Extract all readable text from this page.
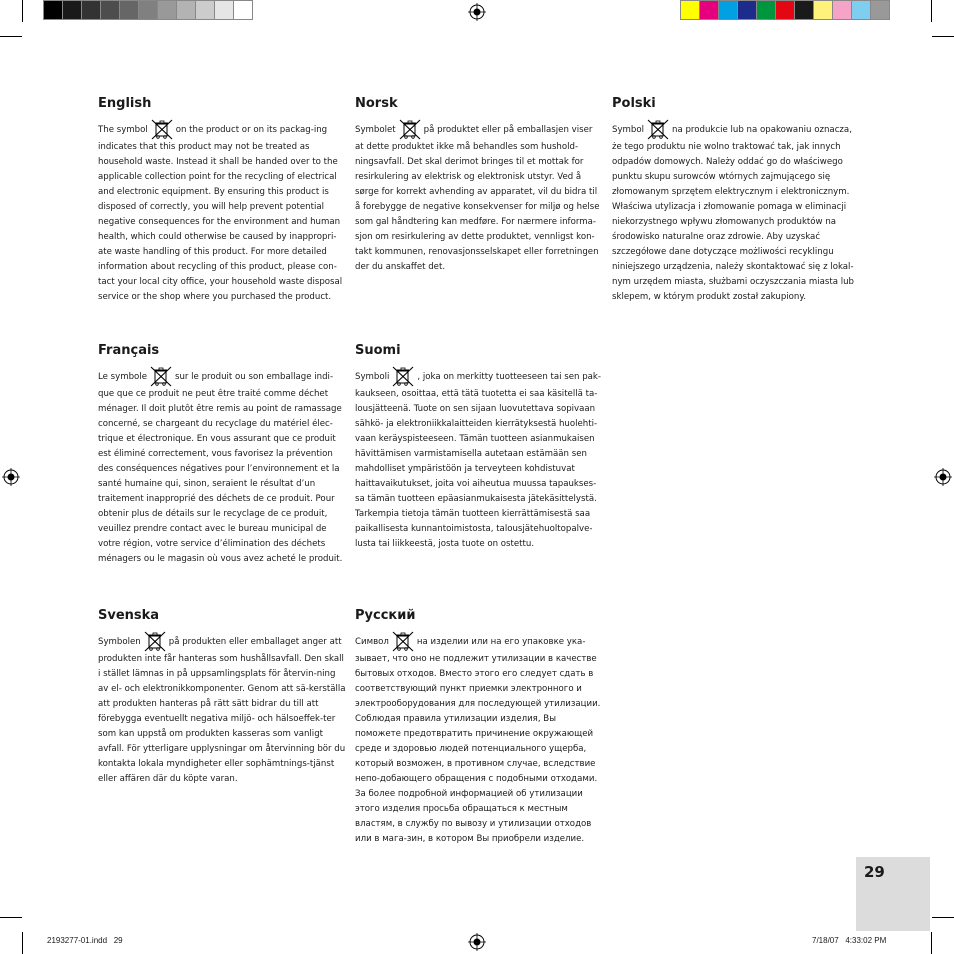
English

The symbol	on the product or on its packag-ing indicates that this product may not be treated as household waste. Instead it shall be handed over to the applicable collection point for the recycling of electrical and electronic equipment. By ensuring this product is disposed of correctly, you will help prevent potential negative consequences for the environment and human health, which could otherwise be caused by inappropri-ate waste handling of this product. For more detailed information about recycling of this product, please con-tact your local city office, your household waste disposal service or the shop where you purchased the product.

Norsk

Symbolet	på produktet eller på emballasjen viser at dette produktet ikke må behandles som hushold-ningsavfall. Det skal derimot bringes til et mottak for resirkulering av elektrisk og elektronisk utstyr. Ved å sørge for korrekt avhending av apparatet, vil du bidra til å forebygge de negative konsekvenser for miljø og helse som gal håndtering kan medføre. For nærmere informa-sjon om resirkulering av dette produktet, vennligst kon-takt kommunen, renovasjonsselskapet eller forretningen der du anskaffet det.

Polski

Symbol	na produkcie lub na opakowaniu oznacza, że tego produktu nie wolno traktować tak, jak innych odpadów domowych. Należy oddać go do właściwego punktu skupu surowców wtórnych zajmującego się złomowanym sprzętem elektrycznym i elektronicznym. Właściwa utylizacja i złomowanie pomaga w eliminacji niekorzystnego wpływu złomowanych produktów na środowisko naturalne oraz zdrowie. Aby uzyskać szczegółowe dane dotyczące możliwości recyklingu niniejszego urządzenia, należy skontaktować się z lokal-nym urzędem miasta, służbami oczyszczania miasta lub sklepem, w którym produkt został zakupiony.

Français

Le symbole	sur le produit ou son emballage indi-que que ce produit ne peut être traité comme déchet ménager. Il doit plutôt être remis au point de ramassage concerné, se chargeant du recyclage du matériel élec-trique et électronique. En vous assurant que ce produit est éliminé correctement, vous favorisez la prévention des conséquences négatives pour l’environnement et la santé humaine qui, sinon, seraient le résultat d’un traitement inapproprié des déchets de ce produit. Pour obtenir plus de détails sur le recyclage de ce produit, veuillez prendre contact avec le bureau municipal de votre région, votre service d’élimination des déchets ménagers ou le magasin où vous avez acheté le produit.

Suomi

Symboli	, joka on merkitty tuotteeseen tai sen pak-kaukseen, osoittaa, että tätä tuotetta ei saa käsitellä ta-lousjätteenä. Tuote on sen sijaan luovutettava sopivaan sähkö- ja elektroniikkalaitteiden kierrätyksestä huolehti-vaan keräyspisteeseen. Tämän tuotteen asianmukaisen hävittämisen varmistamisella autetaan estämään sen mahdolliset ympäristöön ja terveyteen kohdistuvat haittavaikutukset, joita voi aiheutua muussa tapaukses-sa tämän tuotteen epäasianmukaisesta jätekäsittelystä. Tarkempia tietoja tämän tuotteen kierrättämisestä saa paikallisesta kunnantoimistosta, talousjätehuoltopalve-lusta tai liikkeestä, josta tuote on ostettu.

Svenska

Symbolen	på produkten eller emballaget anger att produkten inte får hanteras som hushållsavfall. Den skall i stället lämnas in på uppsamlingsplats för återvin-ning av el- och elektronikkomponenter. Genom att sä-kerställa att produkten hanteras på rätt sätt bidrar du till att förebygga eventuellt negativa miljö- och hälsoeffek-ter som kan uppstå om produkten kasseras som vanligt avfall. För ytterligare upplysningar om återvinning bör du kontakta lokala myndigheter eller sophämtnings-tjänst eller affären där du köpte varan.

Русский

Символ	на изделии или на его упаковке ука-зывает, что оно не подлежит утилизации в качестве бытовых отходов. Вместо этого его следует сдать в соответствующий пункт приемки электронного и электрооборудования для последующей утилизации. Соблюдая правила утилизации изделия, Вы поможете предотвратить причинение окружающей среде и здоровью людей потенциального ущерба, который возможен, в противном случае, вследствие непо-добающего обращения с подобными отходами. За более подробной информацией об утилизации этого изделия просьба обращаться к местным властям, в службу по вывозу и утилизации отходов или в мага-зин, в котором Вы приобрели изделие.

29
2193277-01.indd   29	7/18/07   4:33:02 PM
